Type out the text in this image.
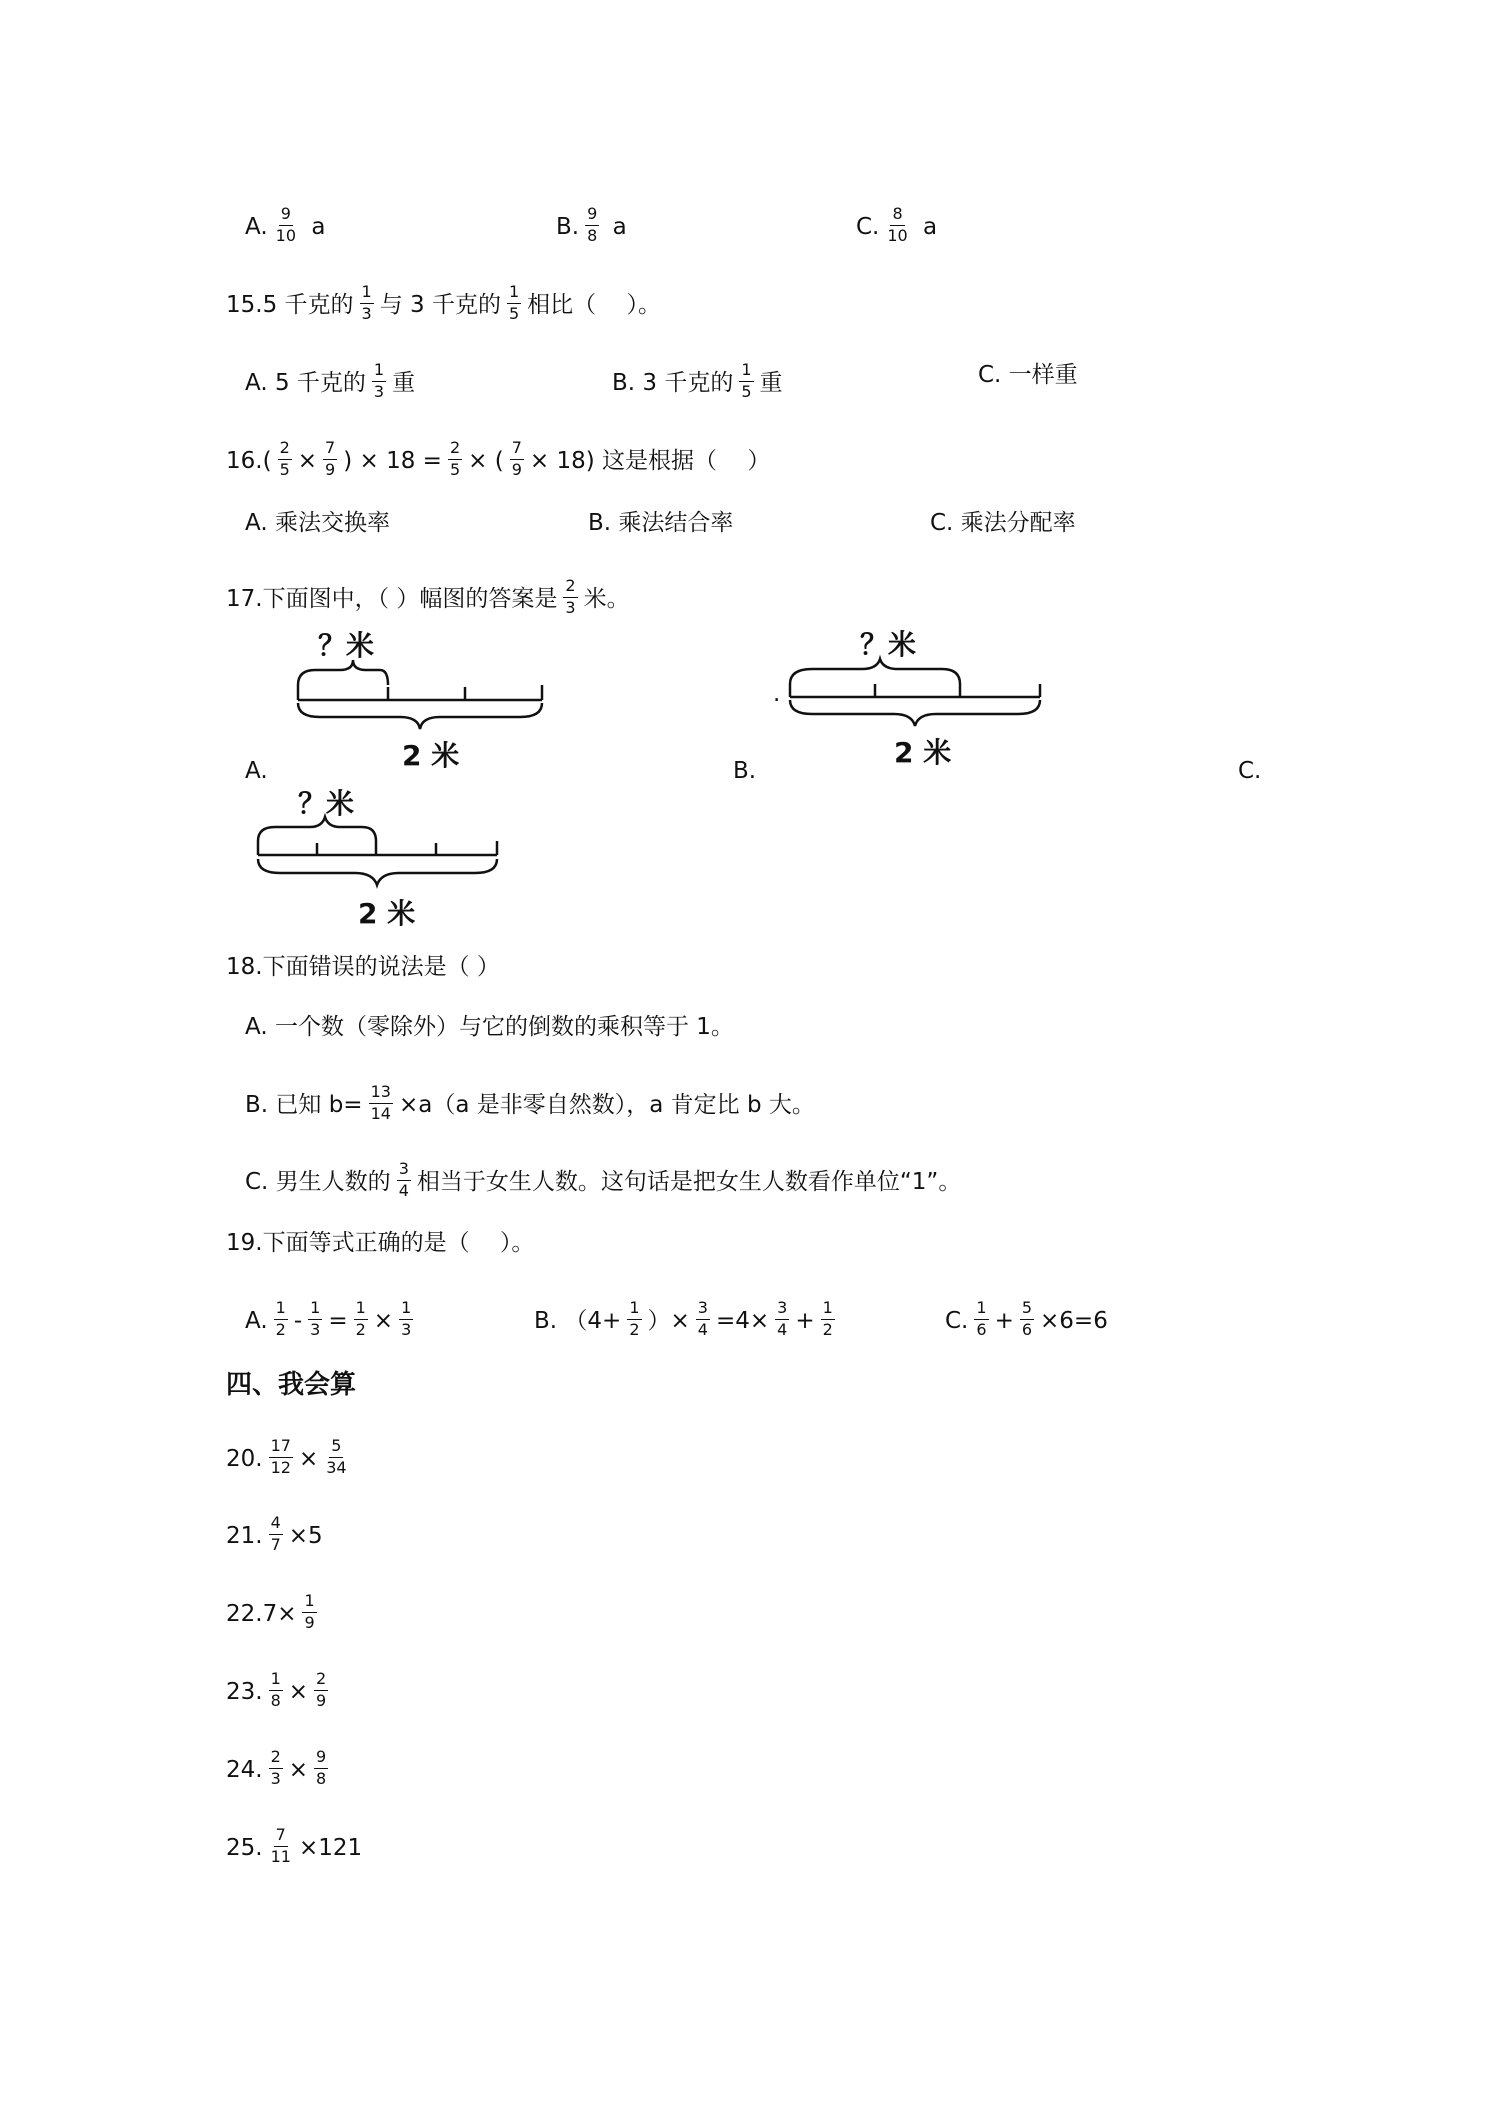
A. $\frac{9}{10}$ a	B. $\frac{9}{8}$ a	C. $\frac{8}{10}$ a
15.5 千克的 $\frac{1}{3}$ 与 3 千克的 $\frac{1}{5}$ 相比（　 ）。
A. 5 千克的 $\frac{1}{3}$ 重	B. 3 千克的 $\frac{1}{5}$ 重	C. 一样重
$16.( \frac{2}{5} \times \frac{7}{9}$ ) × $18 = \frac{2}{5}$ × ( $\frac{7}{9} \times 18$) 这是根据（　 ）
A. 乘法交换率	B. 乘法结合率	C. 乘法分配率
17.下面图中，（ ）幅图的答案是 $\frac{2}{3}$ 米。
？米
2 米
A.
.
？米
2 米
B.	C.
？米
2 米
18.下面错误的说法是（ ）
A. 一个数（零除外）与它的倒数的乘积等于 1。
B. 已知 $b= \frac{13}{14} \times a(a$ 是非零自然数），a 肯定比 b 大。
C. 男生人数的 $\frac{3}{4}$ 相当于女生人数。这句话是把女生人数看作单位“1”。
19.下面等式正确的是（　 ）。
A. $\frac{1}{2} - \frac{1}{3} = \frac{1}{2} \times \frac{1}{3}$	B. （$4+ \frac{1}{2}$ ）× $\frac{3}{4} =4\times \frac{3}{4} + \frac{1}{2}$	C. $\frac{1}{6} + \frac{5}{6} \times 6=6$
四、我会算
20. $\frac{17}{12} \times \frac{5}{34}$
21. $\frac{4}{7} \times 5$
$22.7\times \frac{1}{9}$
23. $\frac{1}{8} \times \frac{2}{9}$
24. $\frac{2}{3} \times \frac{9}{8}$
25. $\frac{7}{11} \times 121$
